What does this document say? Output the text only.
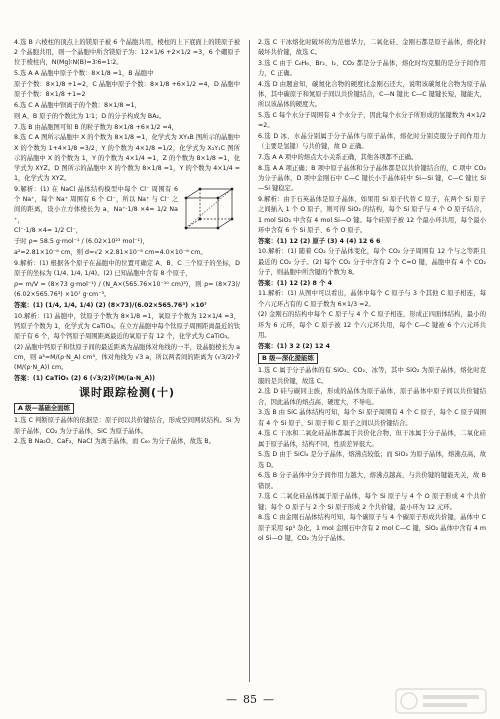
4.选 B 六棱柱的顶点上的镁原子被 6 个晶胞共用，棱柱的上下底面上的镁原子被 2 个晶胞共用，则一个晶胞中所含镁原子为：12×1/6 +2×1/2 =3，6 个硼原子位于棱柱内，N(Mg)∶N(B)=3∶6=1∶2。

5.选 A A 晶胞中原子个数：8×1/8 =1，B 晶胞中

原子个数：8×1/8 +1=2，C 晶胞中原子个数：8×1/8 +6×1/2 =4，D 晶胞中原子个数：8×1/8 +1=2

6.选 C A 晶胞中钡离子的个数：8×1/8 =1，

则 A、B 原子的个数比为 1∶1；D 的分子构成为 BA₂。

7.选 B 由晶胞图可知 B 的粒子数为 8×1/8 +6×1/2 =4，

8.选 C A 图所示晶胞中 X 的个数为 8×1/8 =1，化学式为 XY₃B 图所示的晶胞中 X 的个数为 1+4×1/8 =3/2，Y 的个数为 4×1/8 =1/2，化学式为 X₃Y₁C 图所示的晶胞中 X 的个数为 1，Y 的个数为 4×1/4 =1，Z 的个数为 8×1/8 =1，化学式为 XYZ。D 图所示的晶胞中 X 的个数为 8×1/8 =1，Y 的个数为 4×1/4 =1，化学式为 XYZ。

9.解析：(1) 在 NaCl 晶体结构模型中每个 Cl⁻ 周围有 6 个 Na⁺，每个 Na⁺ 周围有 6 个 Cl⁻，所以 Na⁺ 与 Cl⁻ 之间的距离，设小立方体棱长为 a，Na⁺·1/8 ×4= 1/2 Na⁺，

Cl⁻·1/8 ×4= 1/2 Cl⁻，

子时 ρ= 58.5 g·mol⁻¹ / (6.02×10²³ mol⁻¹)，

a²=2.81×10⁻⁸ cm，则 d=√2 ×2.81×10⁻⁸ cm=4.0×10⁻⁸ cm。

9.解析：(1) 根据各个原子在晶胞中的位置可确定 A、B、C 三个原子的坐标，D 原子的坐标为 (1/4, 1/4, 1/4)。(2) 已知晶胞中含有 8 个原子，

ρ= m/V = (8×73 g·mol⁻¹) / (N_A×(565.76×10⁻¹⁰ cm)³)，则 ρ= (8×73)/(6.02×565.76³) ×10⁷ g·cm⁻³。

答案：(1) (1/4, 1/4, 1/4) (2) (8×73)/(6.02×565.76³) ×10⁷

10.解析：(1) 晶胞中，钛原子个数为 8×1/8 =1，氧原子个数为 12×1/4 =3，钙原子个数为 1，化学式为 CaTiO₃。在立方晶胞中每个钛原子周围距离最近的钛原子有 6 个，每个钙原子周围距离最近的氧原子有 12 个，化学式为 CaTiO₃。

(2) 晶胞中钙原子和钛原子间的最近距离为晶胞体对角线的一半，设晶胞棱长为 a cm，则 a³=M/(ρ·N_A) cm³，体对角线为 √3 a，所以两者间的距离为 (√3/2)·∛(M/(ρ·N_A)) cm。

答案：(1) CaTiO₃ (2) 6 (√3/2)∛(M/(a·N_A))

课时跟踪检测(十)
A 级—基础全面练

1.选 C 判断原子晶体的依据是：原子间以共价键结合，形成空间网状结构。Si 为原子晶体，CO₂ 为分子晶体，SiC 为原子晶体。

2.选 B Na₂O、CaF₂、NaCl 为离子晶体，而 C₆₀ 为分子晶体，故选 B。

2.选 C 干冰熔化时破坏的为范德华力，二氧化硅、金刚石都是原子晶体，熔化时破坏共价键，故选 C。

3.选 C 由于 C₆H₆、Br₂、I₂、CO₂ 都是分子晶体，熔化时均克服的是分子间作用力，C 正确。

4.选 D 由题意知，碳氮化合物的硬度比金刚石还大，说明该碳氮化合物为原子晶体，其中碳原子和氮原子间以共价键结合，C—N 键比 C—C 键键长短，键能大，所以该晶体的硬度大。

5.选 C 每个水分子周围有 4 个水分子，因此每个水分子所形成的氢键数为 4×1/2 =2。

6.选 D 冰、水晶分别属于分子晶体与原子晶体，熔化时分别克服分子间作用力（主要是氢键）与共价键，故 D 正确。

7.选 A A 项中的熔点大小关系正确，其他各项都不正确。

8.选 A A 项正确；B 项中原子晶体和分子晶体都是以共价键结合的，C 项中 CO₂ 为分子晶体，D 项中金刚石中 C—C 键长小于晶体硅中 Si—Si 键，C—C 键比 Si—Si 键稳定。

9.解析：由于石英晶体是原子晶体，如果用 Si 原子代替 C 原子，在两个 Si 原子之间插入 1 个 O 原子，则可得 SiO₂ 的结构，每个 Si 原子与 4 个 O 原子结合，1 mol SiO₂ 中含有 4 mol Si—O 键。每个硅原子被 12 个最小环共用，每个最小环中含有 6 个 Si 原子、6 个 O 原子。

答案：(1) 12 (2) 原子 (3) 4 (4) 12 6 6

10.解析：(1) 随着 CO₂ 分子晶体变化，每个 CO₂ 分子周围有 12 个与之等距且最近的 CO₂ 分子。(2) 每个 CO₂ 分子中含有 2 个 C=O 键，晶胞中有 4 个 CO₂ 分子，则晶胞中所含键的个数为 8。

答案：(1) 12 (2) 8 个 4

11.解析：(1) 从图中可以看出，晶体中每个 C 原子与 3 个其他 C 原子相连，每个六元环占有的 C 原子数为 6×1/3 =2。

(2) 金刚石的结构中每个 C 原子与 4 个 C 原子相连，形成正四面体结构，最小的环为 6 元环，每个 C 原子被 12 个六元环共用，每个 C—C 键被 6 个六元环共用。

答案：(1) 3 2 (2) 12 4

B 级—深化提能练

1.选 C 属于分子晶体的有 SiO₂、CO₂、冰等，其中 SiO₂ 为原子晶体，熔化时克服的是共价键，故选 C。

2.选 D 硅与碳同主族，形成的晶体为原子晶体，原子晶体中原子间以共价键结合，因此晶体的熔点高、硬度大，不导电。

3.选 B 由 SiC 晶体结构可知，每个 Si 原子周围有 4 个 C 原子，每个 C 原子周围有 4 个 Si 原子，Si 原子和 C 原子之间以共价键结合。

4.选 C 干冰和二氧化硅晶体都属于共价化合物，但干冰属于分子晶体，二氧化硅属于原子晶体，结构不同，性质差异很大。

5.选 D 由于 SiCl₄ 是分子晶体，熔沸点较低；而 SiO₂ 为原子晶体，熔沸点高，故选 D。

6.选 B 分子晶体中分子间作用力越大，熔沸点越高，与共价键的键能无关，故 B 错误。

7.选 C 二氧化硅晶体属于原子晶体，每个 Si 原子与 4 个 O 原子形成 4 个共价键；每个 O 原子与 2 个 Si 原子形成 2 个共价键，最小环为 12 元环。

8.选 C 由金刚石晶体结构可知，每个碳原子与 4 个碳原子形成共价键，晶体中 C 原子采用 sp³ 杂化，1 mol 金刚石中含有 2 mol C—C 键，SiO₂ 晶体中含有 4 mol Si—O 键，CO₂ 为分子晶体。

— 85 —
